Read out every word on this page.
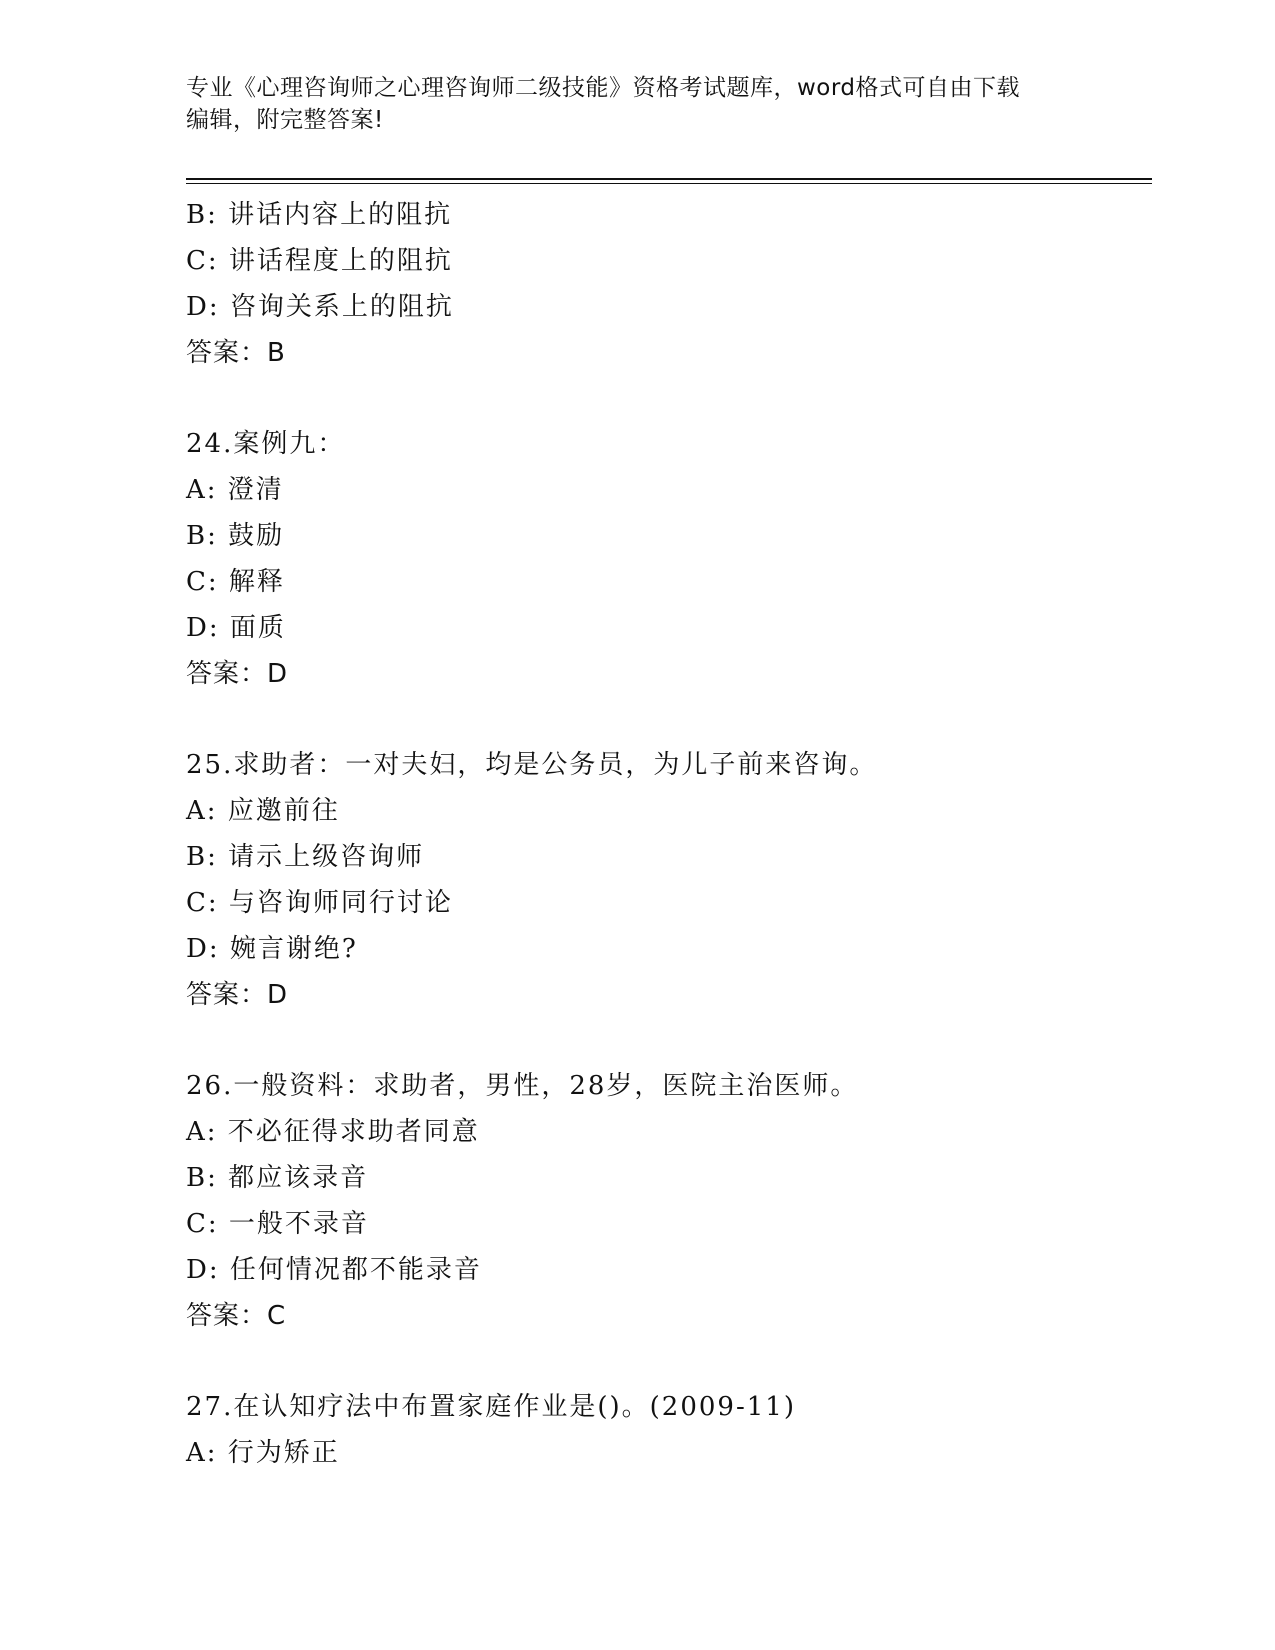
专业《心理咨询师之心理咨询师二级技能》资格考试题库，word格式可自由下载
编辑，附完整答案!
B: 讲话内容上的阻抗
C: 讲话程度上的阻抗
D: 咨询关系上的阻抗
答案：B
24.案例九：
A: 澄清
B: 鼓励
C: 解释
D: 面质
答案：D
25.求助者：一对夫妇，均是公务员，为儿子前来咨询。
A: 应邀前往
B: 请示上级咨询师
C: 与咨询师同行讨论
D: 婉言谢绝?
答案：D
26.一般资料：求助者，男性，28岁，医院主治医师。
A: 不必征得求助者同意
B: 都应该录音
C: 一般不录音
D: 任何情况都不能录音
答案：C
27.在认知疗法中布置家庭作业是()。(2009-11)
A: 行为矫正
